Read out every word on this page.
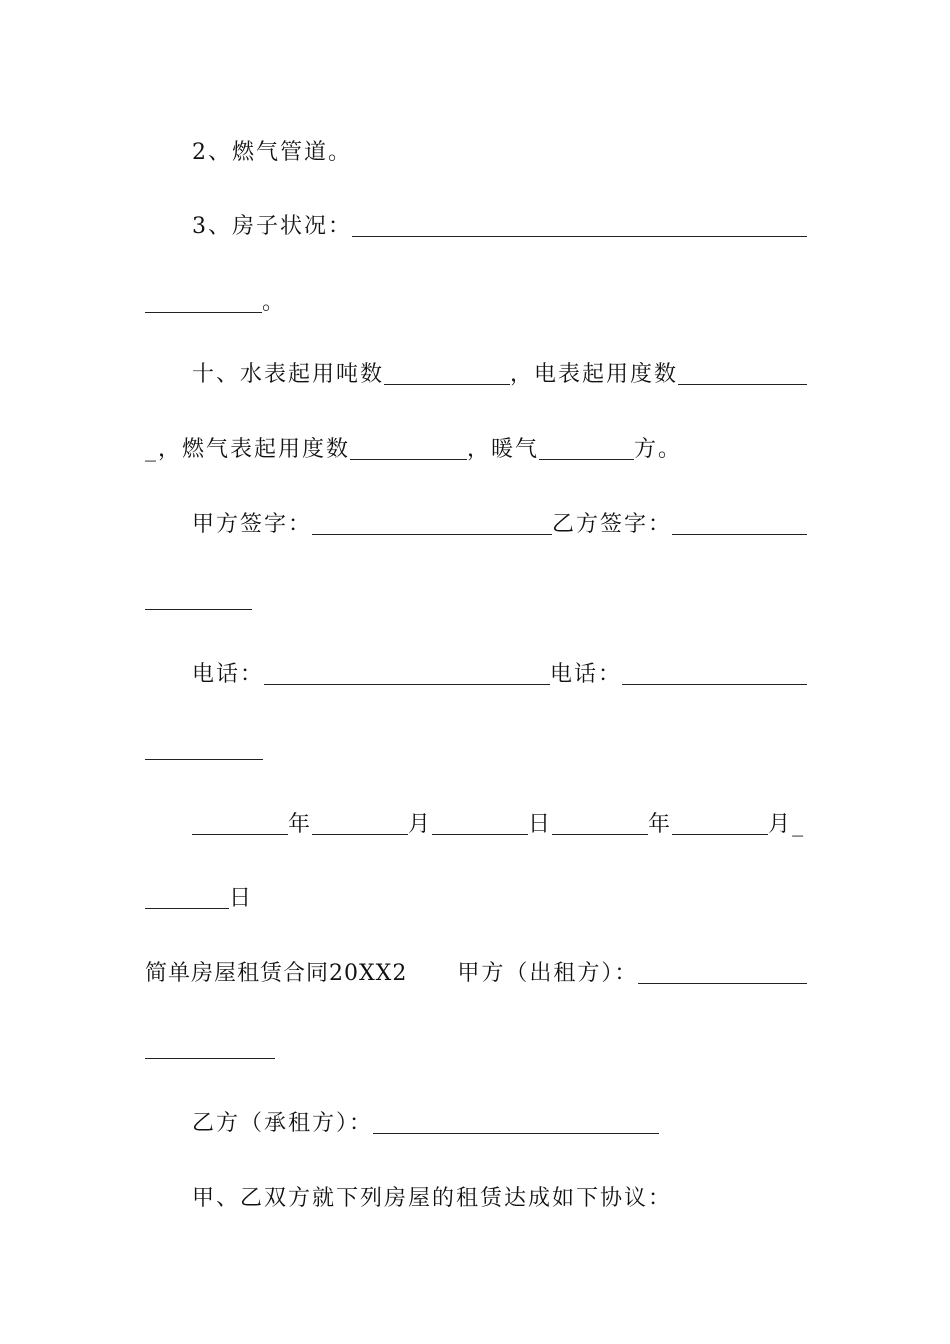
2、燃气管道。
3、房子状况：
。
十、水表起用吨数	，电表起用度数
_，燃气表起用度数	，暖气	方。
甲方签字：	乙方签字：
电话：	电话：
年	月	日	年	月_
日
简单房屋租赁合同20XX2 甲方（出租方）：
乙方（承租方）：
甲、乙双方就下列房屋的租赁达成如下协议：
